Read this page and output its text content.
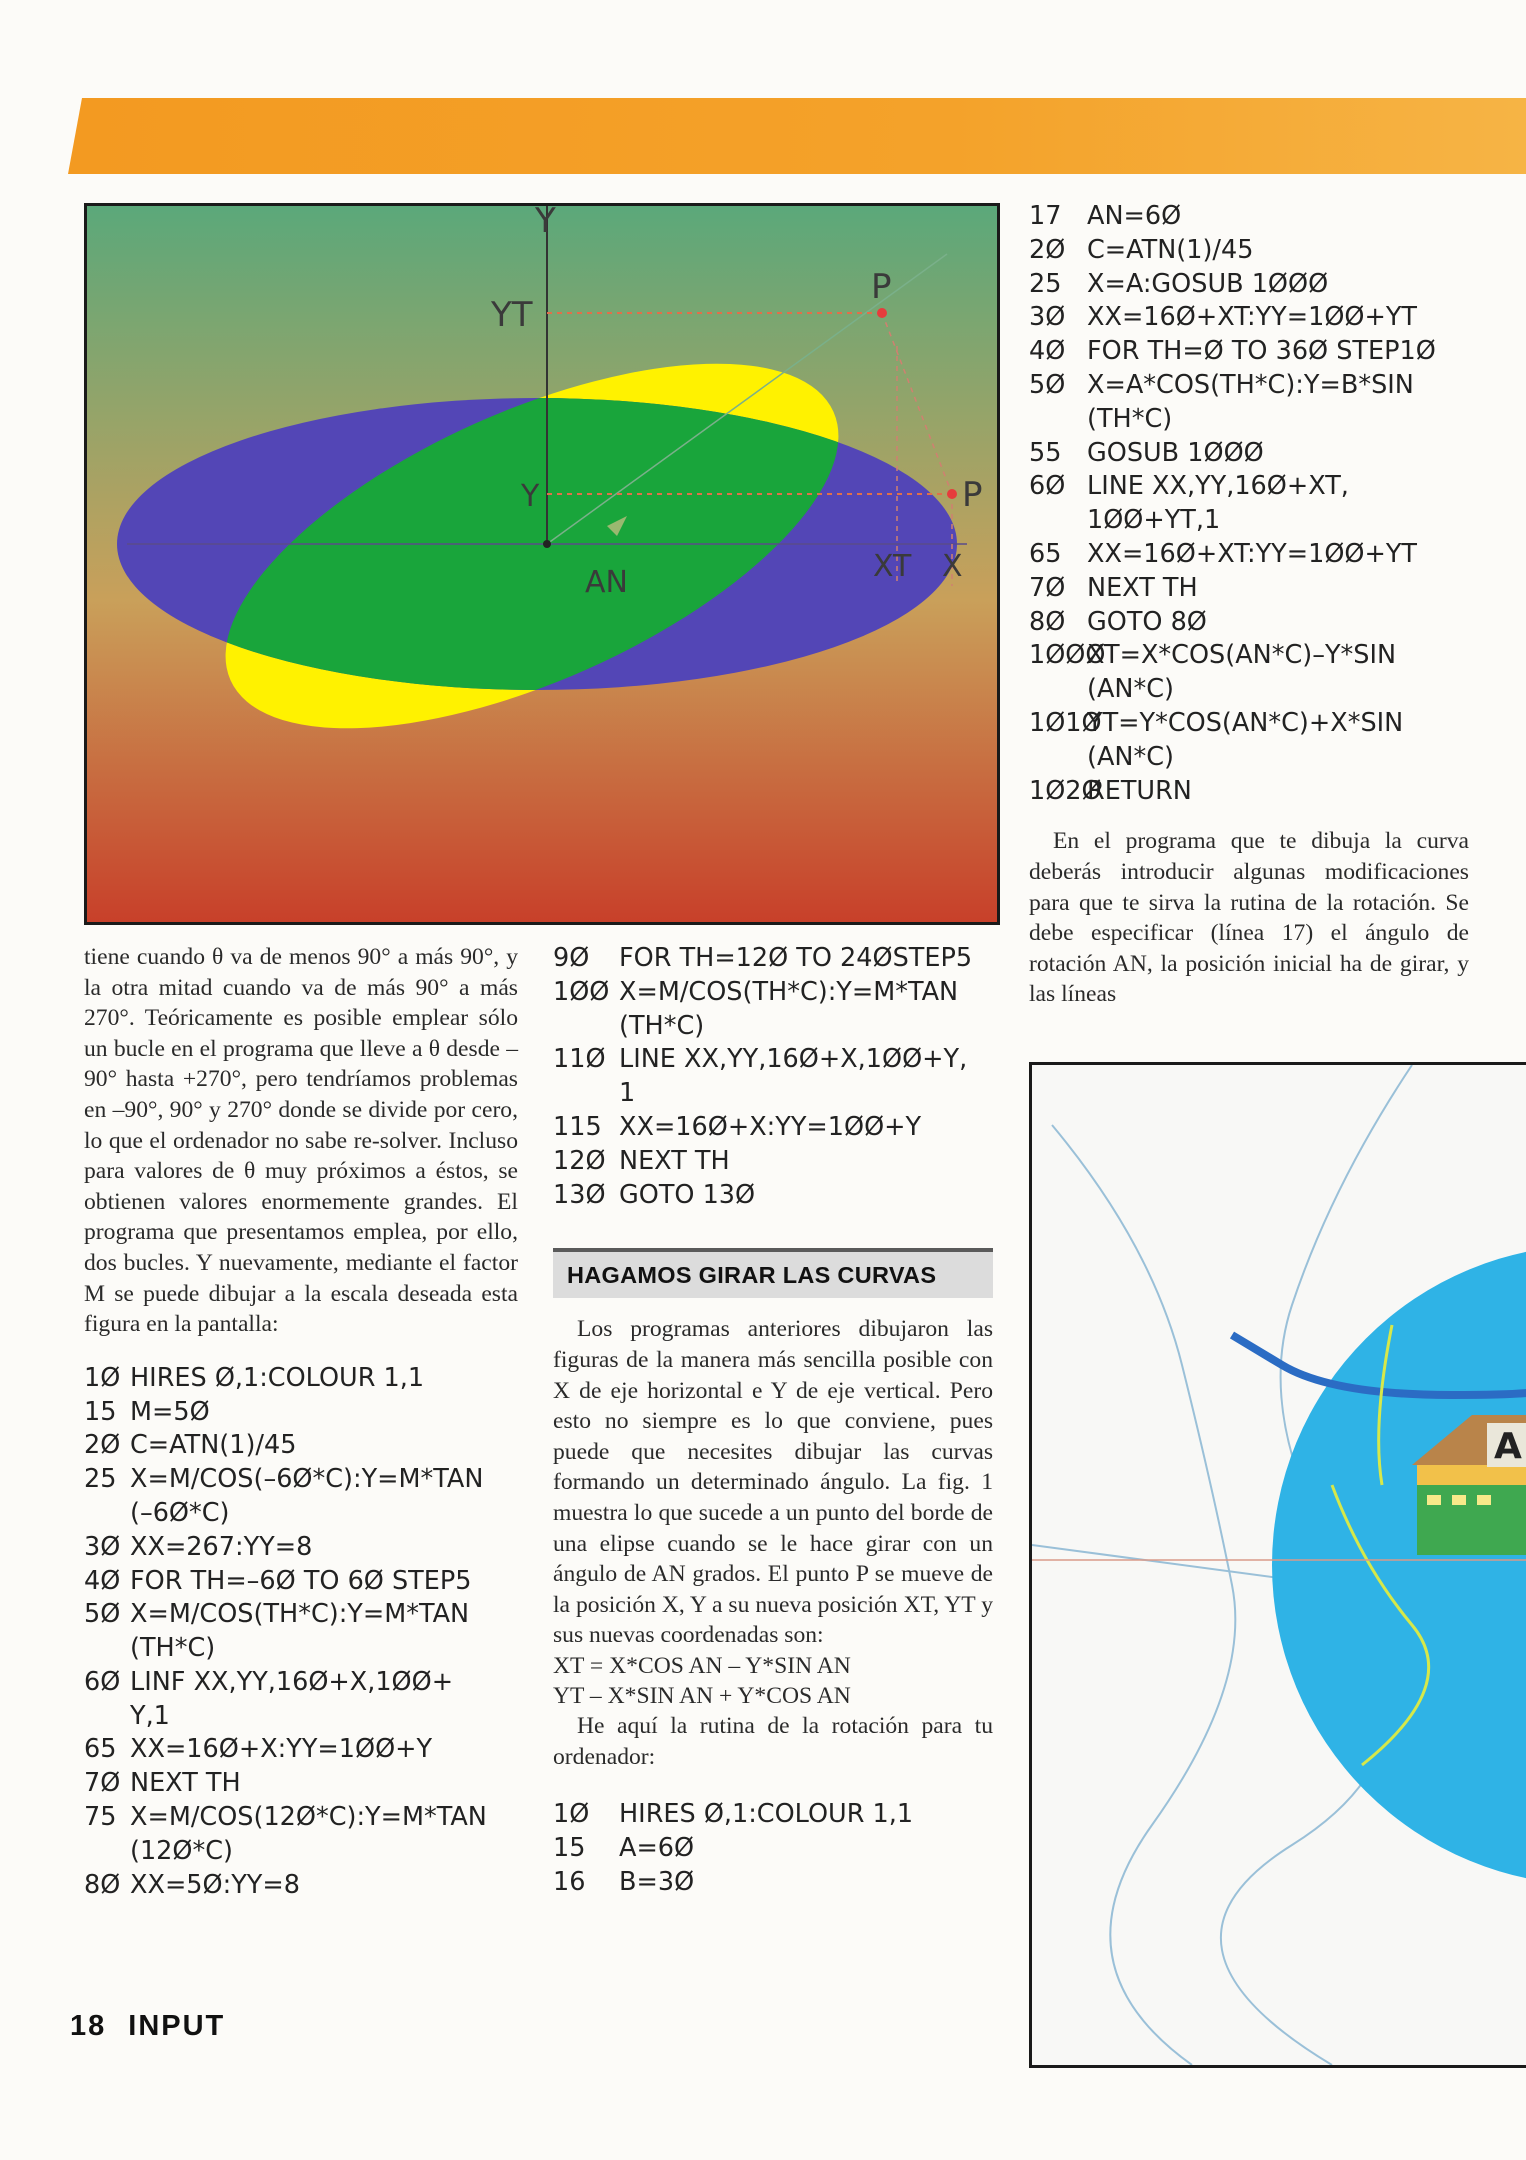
Y
YT
P
Y	P
AN	XT X

tiene cuando θ va de menos 90° a más 90°, y la otra mitad cuando va de más 90° a más 270°. Teóricamente es posible emplear sólo un bucle en el programa que lleve a θ desde –90° hasta +270°, pero tendríamos problemas en –90°, 90° y 270° donde se divide por cero, lo que el ordenador no sabe re-solver. Incluso para valores de θ muy próximos a éstos, se obtienen valores enormemente grandes. El programa que presentamos emplea, por ello, dos bucles. Y nuevamente, mediante el factor M se puede dibujar a la escala deseada esta figura en la pantalla:

1Ø HIRES Ø,1:COLOUR 1,1
15 M=5Ø
2Ø C=ATN(1)/45
25 X=M/COS(–6Ø*C):Y=M*TAN
(–6Ø*C)
3Ø XX=267:YY=8
4Ø FOR TH=–6Ø TO 6Ø STEP5
5Ø X=M/COS(TH*C):Y=M*TAN
(TH*C)
6Ø LINF XX,YY,16Ø+X,1ØØ+
Y,1
65 XX=16Ø+X:YY=1ØØ+Y
7Ø NEXT TH
75 X=M/COS(12Ø*C):Y=M*TAN
(12Ø*C)
8Ø XX=5Ø:YY=8
9Ø	FOR TH=12Ø TO 24ØSTEP5
1ØØ X=M/COS(TH*C):Y=M*TAN
(TH*C)
11Ø LINE XX,YY,16Ø+X,1ØØ+Y,
1
115 XX=16Ø+X:YY=1ØØ+Y
12Ø NEXT TH
13Ø GOTO 13Ø
HAGAMOS GIRAR LAS CURVAS

Los programas anteriores dibujaron las figuras de la manera más sencilla posible con X de eje horizontal e Y de eje vertical. Pero esto no siempre es lo que conviene, pues puede que necesites dibujar las curvas formando un determinado ángulo. La fig. 1 muestra lo que sucede a un punto del borde de una elipse cuando se le hace girar con un ángulo de AN grados. El punto P se mueve de la posición X, Y a su nueva posición XT, YT y sus nuevas coordenadas son:

XT = X*COS AN – Y*SIN AN

YT – X*SIN AN + Y*COS AN

He aquí la rutina de la rotación para tu ordenador:

1Ø	HIRES Ø,1:COLOUR 1,1
15	A=6Ø
16	B=3Ø
17	AN=6Ø
2Ø C=ATN(1)/45
25	X=A:GOSUB 1ØØØ
3Ø XX=16Ø+XT:YY=1ØØ+YT
4Ø FOR TH=Ø TO 36Ø STEP1Ø
5Ø X=A*COS(TH*C):Y=B*SIN
(TH*C)
55	GOSUB 1ØØØ
6Ø LINE XX,YY,16Ø+XT,
1ØØ+YT,1
65	XX=16Ø+XT:YY=1ØØ+YT
7Ø NEXT TH
8Ø GOTO 8Ø
1ØØØ
XT=X*COS(AN*C)–Y*SIN
(AN*C)
1Ø1Ø
YT=Y*COS(AN*C)+X*SIN
(AN*C)
1Ø2Ø
RETURN

En el programa que te dibuja la curva deberás introducir algunas modificaciones para que te sirva la rutina de la rotación. Se debe especificar (línea 17) el ángulo de rotación AN, la posición inicial ha de girar, y las líneas

A
18 INPUT
